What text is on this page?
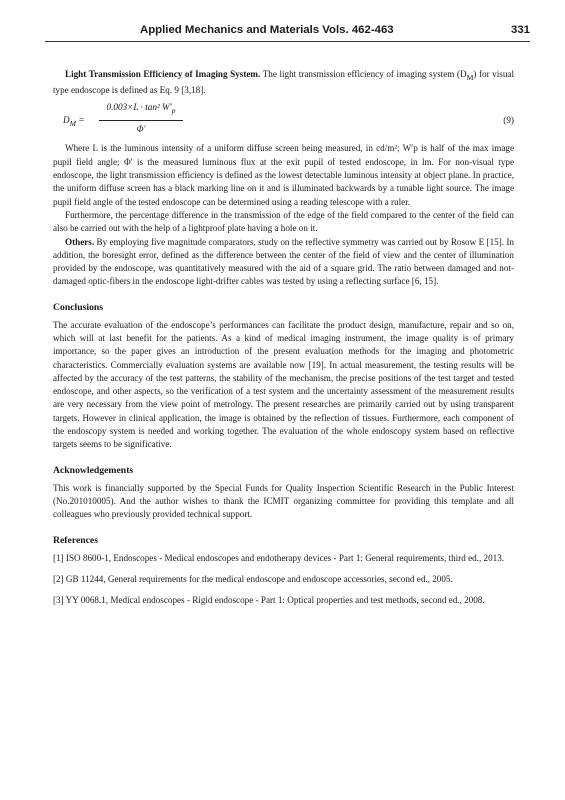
Applied Mechanics and Materials Vols. 462-463	331

Light Transmission Efficiency of Imaging System. The light transmission efficiency of imaging system $(D_M)$ for visual type endoscope is defined as Eq. 9 [3,18].

$D_M$ =
0.003×L · tan² $W'_p$
Φ′
(9)

Where L is the luminous intensity of a uniform diffuse screen being measured, in cd/m²; W′p is half of the max image pupil field angle; Φ′ is the measured luminous flux at the exit pupil of tested endoscope, in lm. For non-visual type endoscope, the light transmission efficiency is defined as the lowest detectable luminous intensity at object plane. In practice, the uniform diffuse screen has a black marking line on it and is illuminated backwards by a tunable light source. The image pupil field angle of the tested endoscope can be determined using a reading telescope with a ruler.

Furthermore, the percentage difference in the transmission of the edge of the field compared to the center of the field can also be carried out with the help of a lightproof plate having a hole on it.

Others. By employing five magnitude comparators, study on the reflective symmetry was carried out by Rosow E [15]. In addition, the boresight error, defined as the difference between the center of the field of view and the center of illumination provided by the endoscope, was quantitatively measured with the aid of a square grid. The ratio between damaged and not-damaged optic-fibers in the endoscope light-drifter cables was tested by using a reflecting surface [6, 15].

Conclusions

The accurate evaluation of the endoscope’s performances can facilitate the product design, manufacture, repair and so on, which will at last benefit for the patients. As a kind of medical imaging instrument, the image quality is of primary importance, so the paper gives an introduction of the present evaluation methods for the imaging and photometric characteristics. Commercially evaluation systems are available now [19]. In actual measurement, the testing results will be affected by the accuracy of the test patterns, the stability of the mechanism, the precise positions of the test target and tested endoscope, and other aspects, so the verification of a test system and the uncertainty assessment of the measurement results are very necessary from the view point of metrology. The present researches are primarily carried out by using transparent targets. However in clinical application, the image is obtained by the reflection of tissues. Furthermore, each component of the endoscopy system is needed and working together. The evaluation of the whole endoscopy system based on reflective targets seems to be significative.

Acknowledgements

This work is financially supported by the Special Funds for Quality Inspection Scientific Research in the Public Interest (No.201010005). And the author wishes to thank the ICMIT organizing committee for providing this template and all colleagues who previously provided technical support.

References

[1] ISO 8600-1, Endoscopes - Medical endoscopes and endotherapy devices - Part 1: General requirements, third ed., 2013.

[2] GB 11244, General requirements for the medical endoscope and endoscope accessories, second ed., 2005.

[3] YY 0068.1, Medical endoscopes - Rigid endoscope - Part 1: Optical properties and test methods, second ed., 2008.
